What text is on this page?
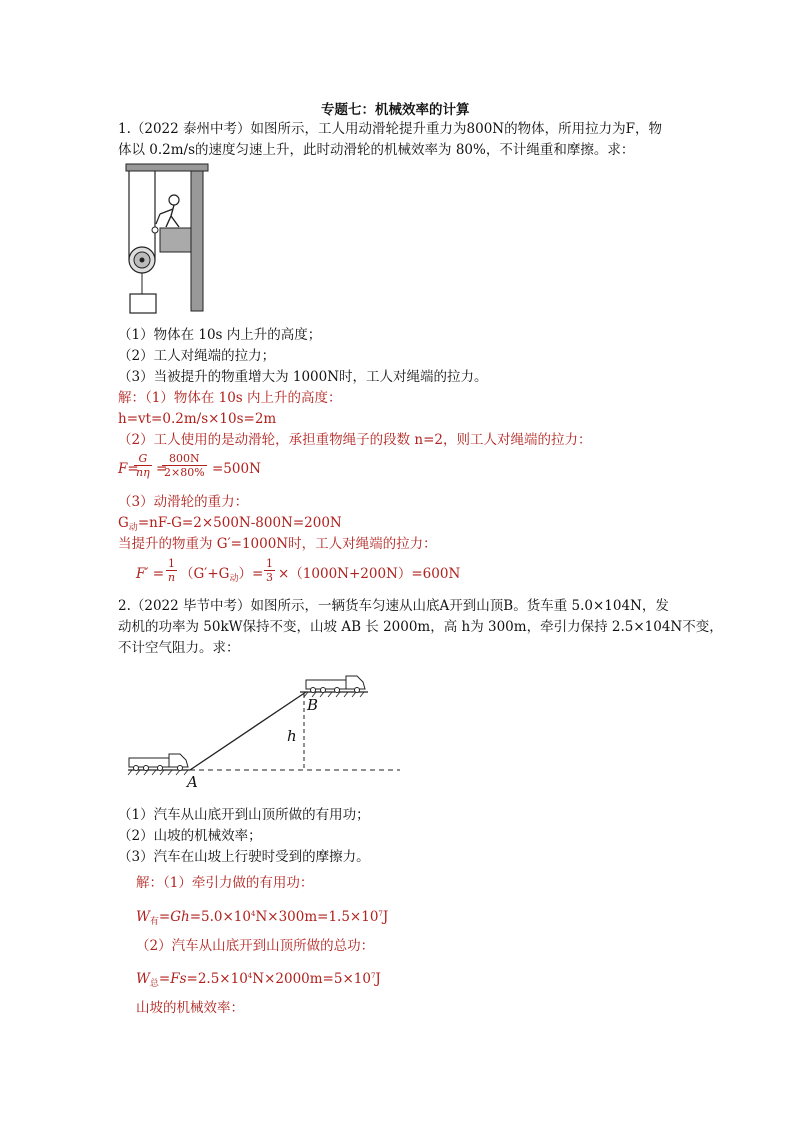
专题七：机械效率的计算
1.（2022 泰州中考）如图所示，工人用动滑轮提升重力为800N的物体，所用拉力为F，物
体以 0.2m/s的速度匀速上升，此时动滑轮的机械效率为 80%，不计绳重和摩擦。求：
（1）物体在 10s 内上升的高度；
（2）工人对绳端的拉力；
（3）当被提升的物重增大为 1000N时，工人对绳端的拉力。
解：（1）物体在 10s 内上升的高度：
h=vt=0.2m/s×10s=2m
（2）工人使用的是动滑轮，承担重物绳子的段数 n=2，则工人对绳端的拉力：
F=
$\frac{G}{n\eta}$ =
$\frac{800N}{2\times 80\%} =500N$
（3）动滑轮的重力：
$G_动=nF-G=2\times 500N-800N=200N$
当提升的物重为 G′=1000N时，工人对绳端的拉力：
$F' = \frac{1}{n} (G'+G_动)= \frac{1}{3} \times(1000N+200N)=600N$
2.（2022 毕节中考）如图所示，一辆货车匀速从山底A开到山顶B。货车重 5.0×104N，发
动机的功率为 50kW保持不变，山坡 AB 长 2000m，高 h为 300m，牵引力保持 2.5×104N不变，
不计空气阻力。求：
A
B
h
（1）汽车从山底开到山顶所做的有用功；
（2）山坡的机械效率；
（3）汽车在山坡上行驶时受到的摩擦力。
解：（1）牵引力做的有用功：
$W_有=Gh=5.0\times 10^4N\times 300m=1.5\times 10^7J$
（2）汽车从山底开到山顶所做的总功：
$W_总=Fs=2.5\times 10^4N\times 2000m=5\times 10^7J$
山坡的机械效率：
